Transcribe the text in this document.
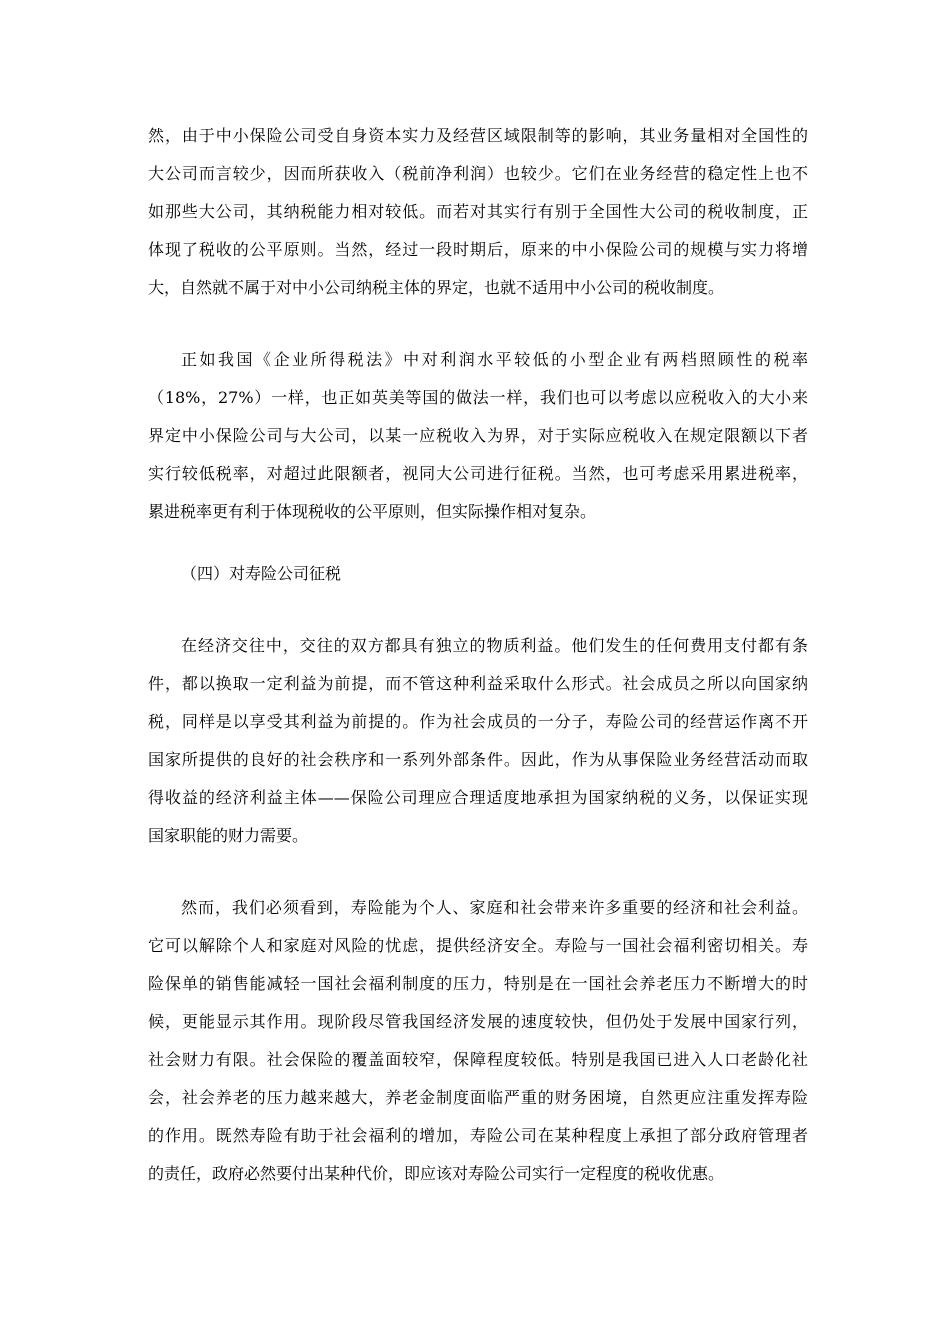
然，由于中小保险公司受自身资本实力及经营区域限制等的影响，其业务量相对全国性的
大公司而言较少，因而所获收入（税前净利润）也较少。它们在业务经营的稳定性上也不
如那些大公司，其纳税能力相对较低。而若对其实行有别于全国性大公司的税收制度，正
体现了税收的公平原则。当然，经过一段时期后，原来的中小保险公司的规模与实力将增
大，自然就不属于对中小公司纳税主体的界定，也就不适用中小公司的税收制度。
正如我国《企业所得税法》中对利润水平较低的小型企业有两档照顾性的税率
（18%，27%）一样，也正如英美等国的做法一样，我们也可以考虑以应税收入的大小来
界定中小保险公司与大公司，以某一应税收入为界，对于实际应税收入在规定限额以下者
实行较低税率，对超过此限额者，视同大公司进行征税。当然，也可考虑采用累进税率，
累进税率更有利于体现税收的公平原则，但实际操作相对复杂。
（四）对寿险公司征税
在经济交往中，交往的双方都具有独立的物质利益。他们发生的任何费用支付都有条
件，都以换取一定利益为前提，而不管这种利益采取什么形式。社会成员之所以向国家纳
税，同样是以享受其利益为前提的。作为社会成员的一分子，寿险公司的经营运作离不开
国家所提供的良好的社会秩序和一系列外部条件。因此，作为从事保险业务经营活动而取
得收益的经济利益主体——保险公司理应合理适度地承担为国家纳税的义务，以保证实现
国家职能的财力需要。
然而，我们必须看到，寿险能为个人、家庭和社会带来许多重要的经济和社会利益。
它可以解除个人和家庭对风险的忧虑，提供经济安全。寿险与一国社会福利密切相关。寿
险保单的销售能减轻一国社会福利制度的压力，特别是在一国社会养老压力不断增大的时
候，更能显示其作用。现阶段尽管我国经济发展的速度较快，但仍处于发展中国家行列，
社会财力有限。社会保险的覆盖面较窄，保障程度较低。特别是我国已进入人口老龄化社
会，社会养老的压力越来越大，养老金制度面临严重的财务困境，自然更应注重发挥寿险
的作用。既然寿险有助于社会福利的增加，寿险公司在某种程度上承担了部分政府管理者
的责任，政府必然要付出某种代价，即应该对寿险公司实行一定程度的税收优惠。
